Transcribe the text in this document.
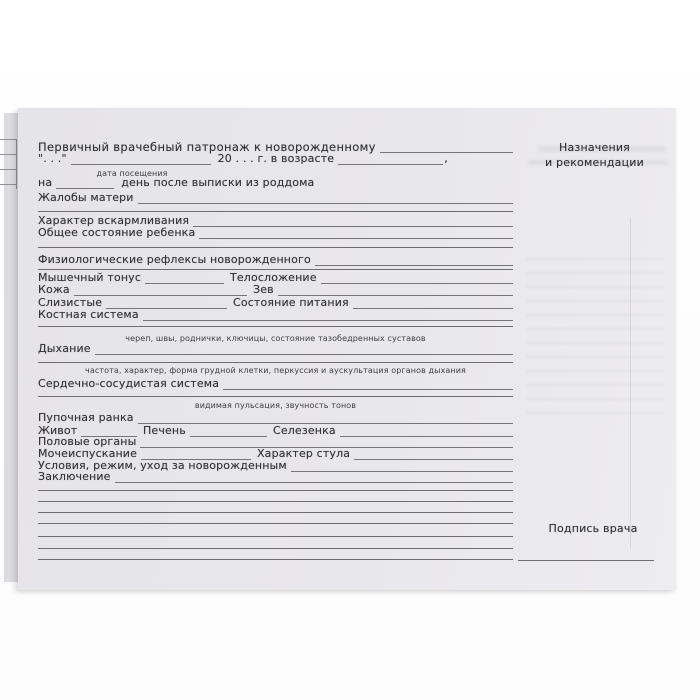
Первичный врачебный патронаж к новорожденному
". . ."	20 . . . г. в возрасте	,
дата посещения
на	день после выписки из роддома
Жалобы матери
Характер вскармливания
Общее состояние ребенка
Физиологические рефлексы новорожденного
Мышечный тонус	Телосложение
Кожа	Зев
Слизистые	Состояние питания
Костная система
череп, швы, роднички, ключицы, состояние тазобедренных суставов
Дыхание
частота, характер, форма грудной клетки, перкуссия и аускультация органов дыхания
Сердечно-сосудистая система
видимая пульсация, звучность тонов
Пупочная ранка
Живот	Печень	Селезенка
Половые органы
Мочеиспускание	Характер стула
Условия, режим, уход за новорожденным
Заключение
Назначения
и рекомендации
Подпись врача
